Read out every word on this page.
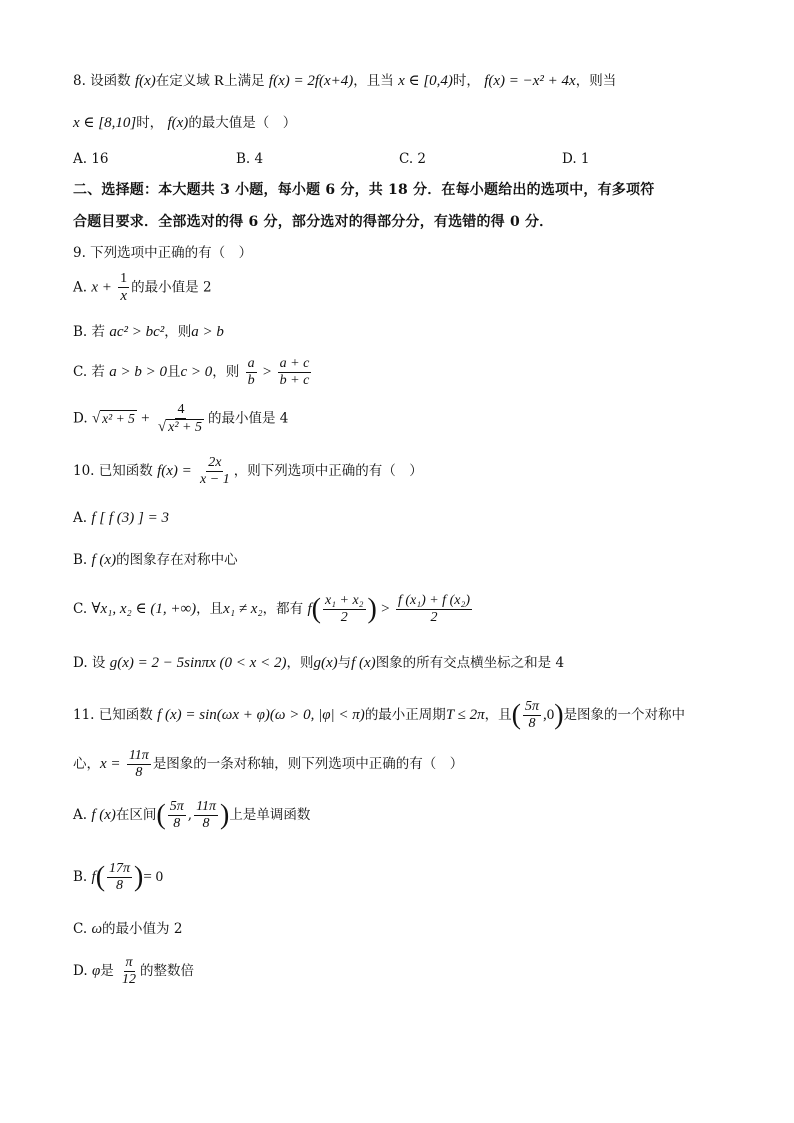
8. 设函数 f(x)在定义域 R上满足 f(x) = 2f(x+4)，且当 x ∈ [0,4)时， f(x) = −x² + 4x，则当
x ∈ [8,10]时， f(x)的最大值是（　）
A. 16	B. 4	C. 2	D. 1
二、选择题：本大题共 3 小题，每小题 6 分，共 18 分．在每小题给出的选项中，有多项符
合题目要求．全部选对的得 6 分，部分选对的得部分分，有选错的得 0 分．
9. 下列选项中正确的有（　）
A. $x + \frac{1}{x}$ 的最小值是 2
B. 若 ac² > bc²，则a > b
C. 若 a > b > 0且c > 0，则 $\frac{a}{b} > \frac{a + c}{b + c}$
D. √ $x^2 + 5 + \frac{4}{\text{√ x² + 5}}$ 的最小值是 4
10. 已知函数 $f(x) = \frac{2x}{x - 1}$ ，则下列选项中正确的有（　）
A. f [ f (3) ] = 3
B. f (x)的图象存在对称中心
C. ∀x₁, x₂ ∈ (1, +∞)，且x₁ ≠ x₂，都有 $f( \frac{\text{x₁ + x₂}}{2}$ ) > $\frac{\text{f (x₁) + f (x₂)}}{2}$
D. 设 g(x) = 2 − 5sinπx (0 < x < 2)，则g(x)与f (x)图象的所有交点横坐标之和是 4
11. 已知函数 f (x) = sin(ωx + φ)(ω > 0, |φ| < π)的最小正周期T ≤ 2π，且( $\frac{5\pi}{8} ,0$)是图象的一个对称中
心，$x = \frac{11\pi}{8}$ 是图象的一条对称轴，则下列选项中正确的有（　）
A. f (x)在区间( $\frac{5\pi}{8}$ , $\frac{11\pi}{8}$ )上是单调函数
B. $f( \frac{17\pi}{8}$ )= 0
C. ω的最小值为 2
D. φ是 $\frac{\pi}{12}$ 的整数倍
